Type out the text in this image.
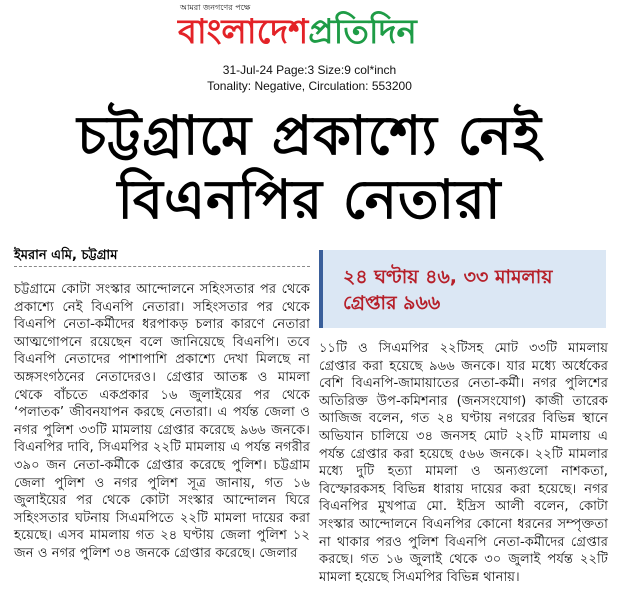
আমরা জনগণের পক্ষে
বাংলাদেশপ্রতিদিন
31-Jul-24 Page:3 Size:9 col*inch
Tonality: Negative, Circulation: 553200
চট্টগ্রামে প্রকাশ্যে নেই
বিএনপির নেতারা
ইমরান এমি, চট্টগ্রাম

চট্টগ্রামে কোটা সংস্কার আন্দোলনে সহিংসতার পর থেকে প্রকাশ্যে নেই বিএনপি নেতারা। সহিংসতার পর থেকে বিএনপি নেতা-কর্মীদের ধরপাকড় চলার কারণে নেতারা আত্মগোপনে রয়েছেন বলে জানিয়েছে বিএনপি। তবে বিএনপি নেতাদের পাশাপাশি প্রকাশ্যে দেখা মিলছে না অঙ্গসংগঠনের নেতাদেরও। গ্রেপ্তার আতঙ্ক ও মামলা থেকে বাঁচতে একপ্রকার ১৬ জুলাইয়ের পর থেকে ‘পলাতক’ জীবনযাপন করছে নেতারা। এ পর্যন্ত জেলা ও নগর পুলিশ ৩৩টি মামলায় গ্রেপ্তার করেছে ৯৬৬ জনকে। বিএনপির দাবি, সিএমপির ২২টি মামলায় এ পর্যন্ত নগরীর ৩৯০ জন নেতা-কর্মীকে গ্রেপ্তার করেছে পুলিশ। চট্টগ্রাম জেলা পুলিশ ও নগর পুলিশ সূত্র জানায়, গত ১৬ জুলাইয়ের পর থেকে কোটা সংস্কার আন্দোলন ঘিরে সহিংসতার ঘটনায় সিএমপিতে ২২টি মামলা দায়ের করা হয়েছে। এসব মামলায় গত ২৪ ঘণ্টায় জেলা পুলিশ ১২ জন ও নগর পুলিশ ৩৪ জনকে গ্রেপ্তার করেছে। জেলার

২৪ ঘণ্টায় ৪৬, ৩৩ মামলায় গ্রেপ্তার ৯৬৬

১১টি ও সিএমপির ২২টিসহ মোট ৩৩টি মামলায় গ্রেপ্তার করা হয়েছে ৯৬৬ জনকে। যার মধ্যে অর্ধেকের বেশি বিএনপি-জামায়াতের নেতা-কর্মী। নগর পুলিশের অতিরিক্ত উপ-কমিশনার (জনসংযোগ) কাজী তারেক আজিজ বলেন, গত ২৪ ঘণ্টায় নগরের বিভিন্ন স্থানে অভিযান চালিয়ে ৩৪ জনসহ মোট ২২টি মামলায় এ পর্যন্ত গ্রেপ্তার করা হয়েছে ৫৬৬ জনকে। ২২টি মামলার মধ্যে দুটি হত্যা মামলা ও অন্যগুলো নাশকতা, বিস্ফোরকসহ বিভিন্ন ধারায় দায়ের করা হয়েছে। নগর বিএনপির মুখপাত্র মো. ইদ্রিস আলী বলেন, কোটা সংস্কার আন্দোলনে বিএনপির কোনো ধরনের সম্পৃক্ততা না থাকার পরও পুলিশ বিএনপি নেতা-কর্মীদের গ্রেপ্তার করছে। গত ১৬ জুলাই থেকে ৩০ জুলাই পর্যন্ত ২২টি মামলা হয়েছে সিএমপির বিভিন্ন থানায়।
